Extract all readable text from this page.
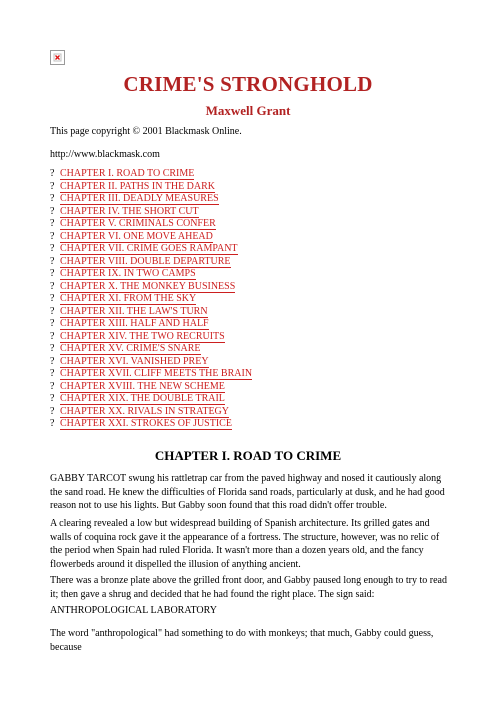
CRIME'S STRONGHOLD
Maxwell Grant
This page copyright © 2001 Blackmask Online.
http://www.blackmask.com
? CHAPTER I. ROAD TO CRIME
? CHAPTER II. PATHS IN THE DARK
? CHAPTER III. DEADLY MEASURES
? CHAPTER IV. THE SHORT CUT
? CHAPTER V. CRIMINALS CONFER
? CHAPTER VI. ONE MOVE AHEAD
? CHAPTER VII. CRIME GOES RAMPANT
? CHAPTER VIII. DOUBLE DEPARTURE
? CHAPTER IX. IN TWO CAMPS
? CHAPTER X. THE MONKEY BUSINESS
? CHAPTER XI. FROM THE SKY
? CHAPTER XII. THE LAW'S TURN
? CHAPTER XIII. HALF AND HALF
? CHAPTER XIV. THE TWO RECRUITS
? CHAPTER XV. CRIME'S SNARE
? CHAPTER XVI. VANISHED PREY
? CHAPTER XVII. CLIFF MEETS THE BRAIN
? CHAPTER XVIII. THE NEW SCHEME
? CHAPTER XIX. THE DOUBLE TRAIL
? CHAPTER XX. RIVALS IN STRATEGY
? CHAPTER XXI. STROKES OF JUSTICE
CHAPTER I. ROAD TO CRIME
GABBY TARCOT swung his rattletrap car from the paved highway and nosed it cautiously along the sand road. He knew the difficulties of Florida sand roads, particularly at dusk, and he had good reason not to use his lights. But Gabby soon found that this road didn't offer trouble.
A clearing revealed a low but widespread building of Spanish architecture. Its grilled gates and walls of coquina rock gave it the appearance of a fortress. The structure, however, was no relic of the period when Spain had ruled Florida. It wasn't more than a dozen years old, and the fancy flowerbeds around it dispelled the illusion of anything ancient.
There was a bronze plate above the grilled front door, and Gabby paused long enough to try to read it; then gave a shrug and decided that he had found the right place. The sign said:
ANTHROPOLOGICAL LABORATORY
The word "anthropological" had something to do with monkeys; that much, Gabby could guess, because
